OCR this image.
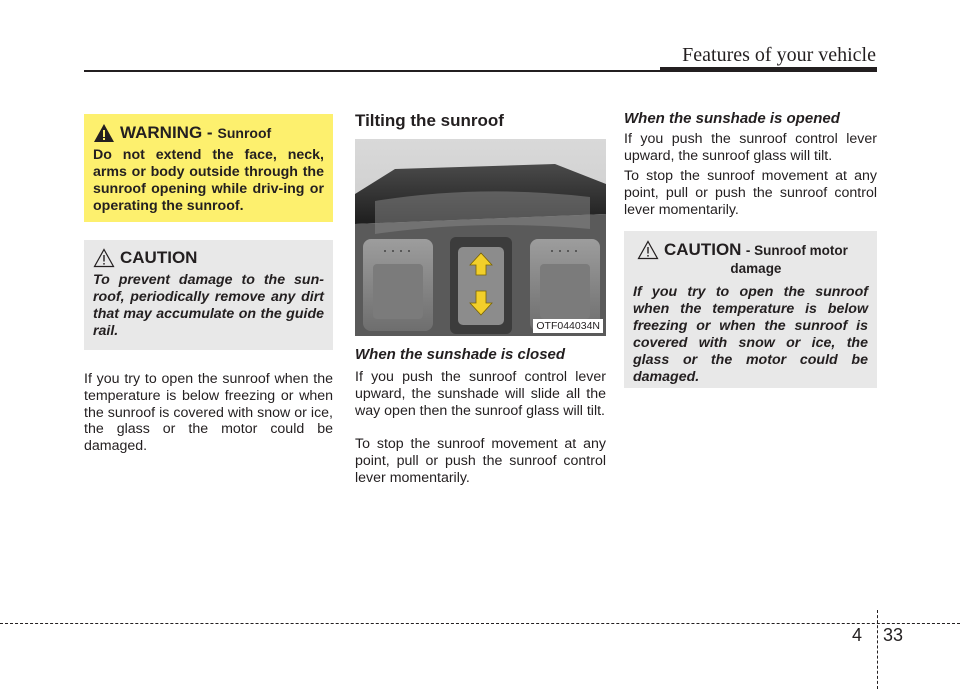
Features of your vehicle
WARNING - Sunroof
Do not extend the face, neck, arms or body outside through the sunroof opening while driv-ing or operating the sunroof.
CAUTION
To prevent damage to the sun-roof, periodically remove any dirt that may accumulate on the guide rail.
If you try to open the sunroof when the temperature is below freezing or when the sunroof is covered with snow or ice, the glass or the motor could be damaged.
Tilting the sunroof
OTF044034N
When the sunshade is closed
If you push the sunroof control lever upward, the sunshade will slide all the way open then the sunroof glass will tilt.
To stop the sunroof movement at any point, pull or push the sunroof control lever momentarily.
When the sunshade is opened
If you push the sunroof control lever upward, the sunroof glass will tilt.
To stop the sunroof movement at any point, pull or push the sunroof control lever momentarily.
CAUTION - Sunroof motor
damage
If you try to open the sunroof when the temperature is below freezing or when the sunroof is covered with snow or ice, the glass or the motor could be damaged.
4 33
